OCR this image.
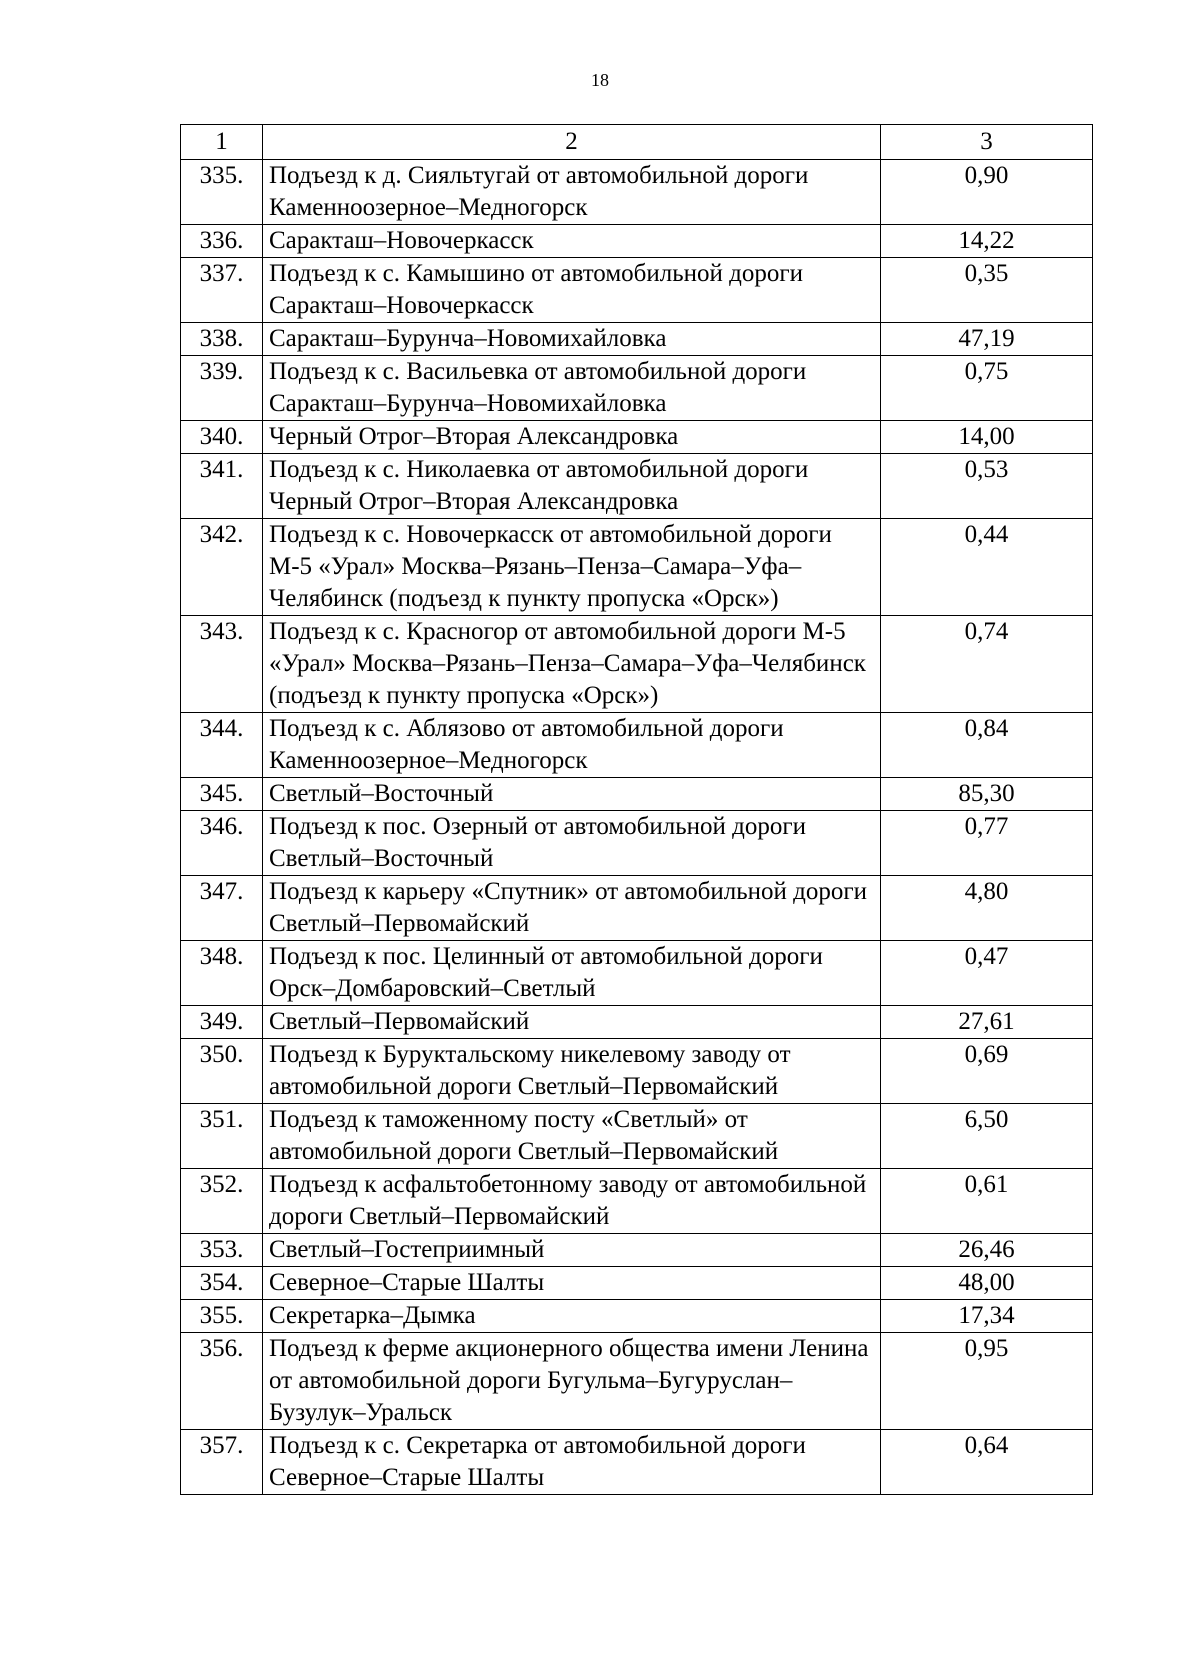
18
1	2	3
335.	Подъезд к д. Сияльтугай от автомобильной дороги Каменноозерное–Медногорск	0,90
336.	Саракташ–Новочеркасск	14,22
337.	Подъезд к с. Камышино от автомобильной дороги Саракташ–Новочеркасск	0,35
338.	Саракташ–Бурунча–Новомихайловка	47,19
339.	Подъезд к с. Васильевка от автомобильной дороги Саракташ–Бурунча–Новомихайловка	0,75
340.	Черный Отрог–Вторая Александровка	14,00
341.	Подъезд к с. Николаевка от автомобильной дороги Черный Отрог–Вторая Александровка	0,53
342.	Подъезд к с. Новочеркасск от автомобильной дороги М-5 «Урал» Москва–Рязань–Пенза–Самара–Уфа–Челябинск (подъезд к пункту пропуска «Орск»)	0,44
343.	Подъезд к с. Красногор от автомобильной дороги М-5 «Урал» Москва–Рязань–Пенза–Самара–Уфа–Челябинск (подъезд к пункту пропуска «Орск»)	0,74
344.	Подъезд к с. Аблязово от автомобильной дороги Каменноозерное–Медногорск	0,84
345.	Светлый–Восточный	85,30
346.	Подъезд к пос. Озерный от автомобильной дороги Светлый–Восточный	0,77
347.	Подъезд к карьеру «Спутник» от автомобильной дороги Светлый–Первомайский	4,80
348.	Подъезд к пос. Целинный от автомобильной дороги Орск–Домбаровский–Светлый	0,47
349.	Светлый–Первомайский	27,61
350.	Подъезд к Буруктальскому никелевому заводу от автомобильной дороги Светлый–Первомайский	0,69
351.	Подъезд к таможенному посту «Светлый» от автомобильной дороги Светлый–Первомайский	6,50
352.	Подъезд к асфальтобетонному заводу от автомобильной дороги Светлый–Первомайский	0,61
353.	Светлый–Гостеприимный	26,46
354.	Северное–Старые Шалты	48,00
355.	Секретарка–Дымка	17,34
356.	Подъезд к ферме акционерного общества имени Ленина от автомобильной дороги Бугульма–Бугуруслан–Бузулук–Уральск	0,95
357.	Подъезд к с. Секретарка от автомобильной дороги Северное–Старые Шалты	0,64
